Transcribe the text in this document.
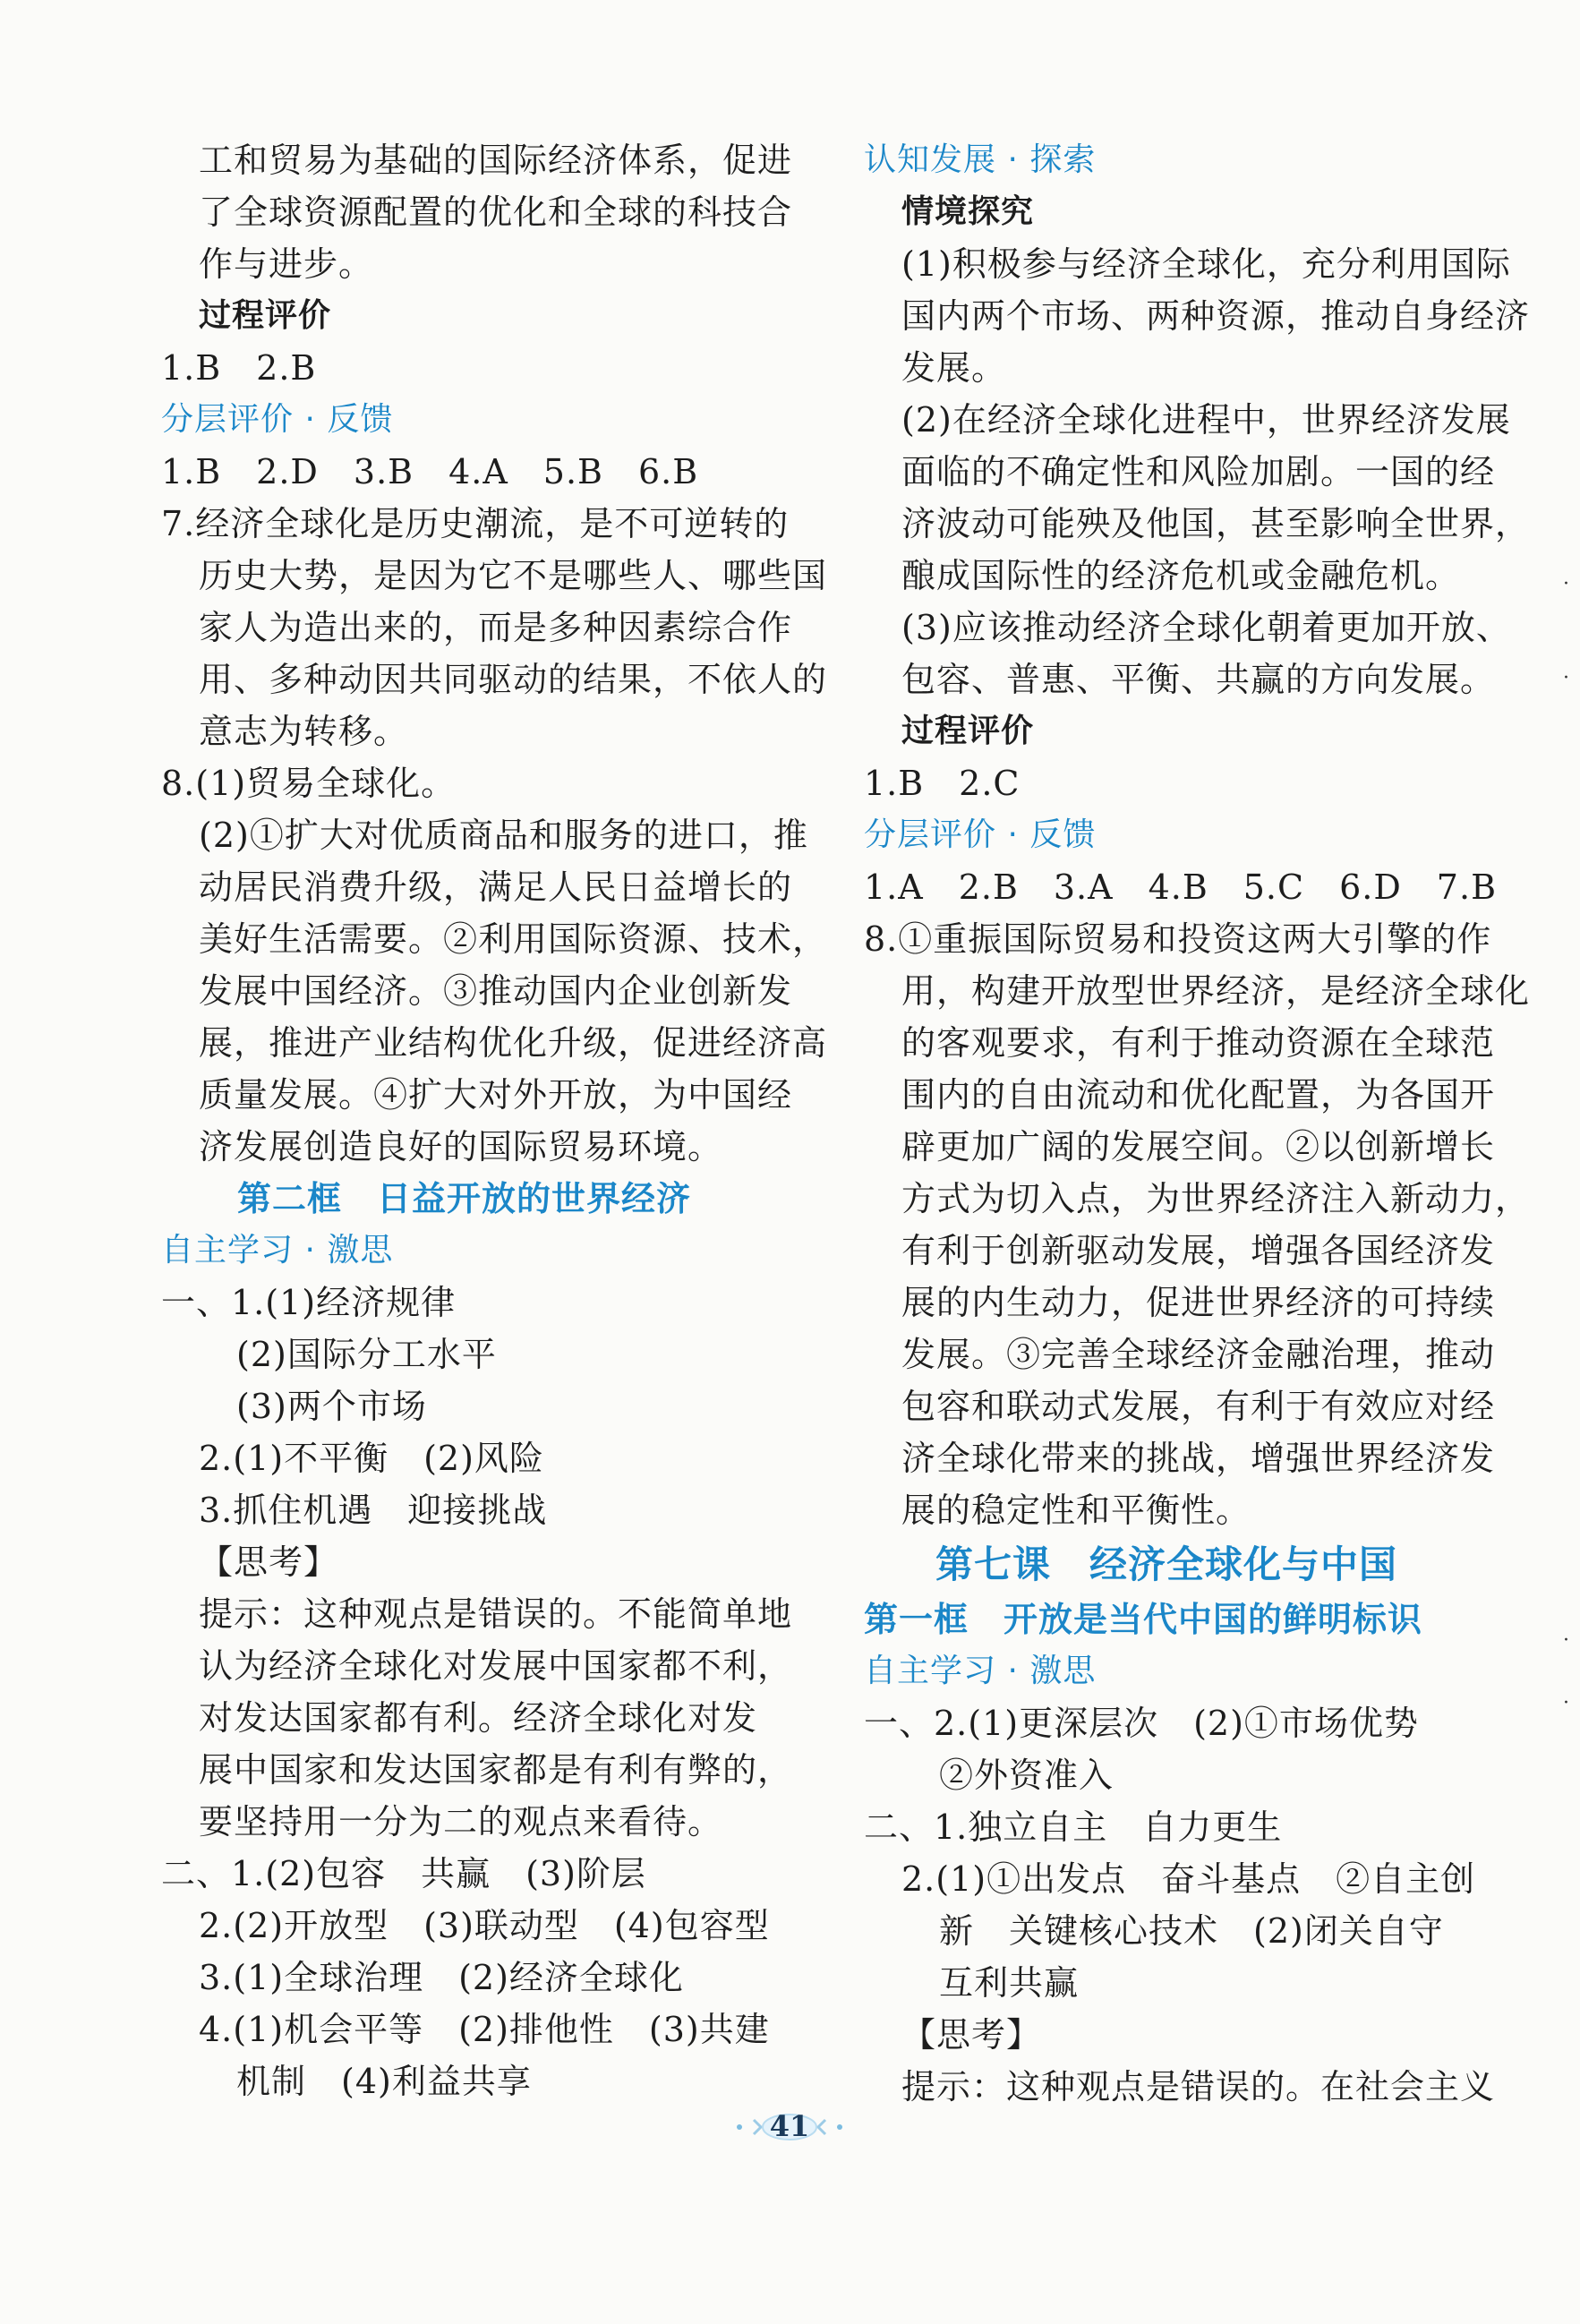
工和贸易为基础的国际经济体系，促进
了全球资源配置的优化和全球的科技合
作与进步。
过程评价
1.B　2.B
分层评价 · 反馈
1.B　2.D　3.B　4.A　5.B　6.B
7.经济全球化是历史潮流，是不可逆转的
历史大势，是因为它不是哪些人、哪些国
家人为造出来的，而是多种因素综合作
用、多种动因共同驱动的结果，不依人的
意志为转移。
8.(1)贸易全球化。
(2)①扩大对优质商品和服务的进口，推
动居民消费升级，满足人民日益增长的
美好生活需要。②利用国际资源、技术，
发展中国经济。③推动国内企业创新发
展，推进产业结构优化升级，促进经济高
质量发展。④扩大对外开放，为中国经
济发展创造良好的国际贸易环境。
第二框　日益开放的世界经济
自主学习 · 激思
一、1.(1)经济规律
(2)国际分工水平
(3)两个市场
2.(1)不平衡　(2)风险
3.抓住机遇　迎接挑战
【思考】
提示：这种观点是错误的。不能简单地
认为经济全球化对发展中国家都不利，
对发达国家都有利。经济全球化对发
展中国家和发达国家都是有利有弊的，
要坚持用一分为二的观点来看待。
二、1.(2)包容　共赢　(3)阶层
2.(2)开放型　(3)联动型　(4)包容型
3.(1)全球治理　(2)经济全球化
4.(1)机会平等　(2)排他性　(3)共建
机制　(4)利益共享
认知发展 · 探索
情境探究
(1)积极参与经济全球化，充分利用国际
国内两个市场、两种资源，推动自身经济
发展。
(2)在经济全球化进程中，世界经济发展
面临的不确定性和风险加剧。一国的经
济波动可能殃及他国，甚至影响全世界，
酿成国际性的经济危机或金融危机。
(3)应该推动经济全球化朝着更加开放、
包容、普惠、平衡、共赢的方向发展。
过程评价
1.B　2.C
分层评价 · 反馈
1.A　2.B　3.A　4.B　5.C　6.D　7.B
8.①重振国际贸易和投资这两大引擎的作
用，构建开放型世界经济，是经济全球化
的客观要求，有利于推动资源在全球范
围内的自由流动和优化配置，为各国开
辟更加广阔的发展空间。②以创新增长
方式为切入点，为世界经济注入新动力，
有利于创新驱动发展，增强各国经济发
展的内生动力，促进世界经济的可持续
发展。③完善全球经济金融治理，推动
包容和联动式发展，有利于有效应对经
济全球化带来的挑战，增强世界经济发
展的稳定性和平衡性。
第七课　经济全球化与中国
第一框　开放是当代中国的鲜明标识
自主学习 · 激思
一、2.(1)更深层次　(2)①市场优势
②外资准入
二、1.独立自主　自力更生
2.(1)①出发点　奋斗基点　②自主创
新　关键核心技术　(2)闭关自守
互利共赢
【思考】
提示：这种观点是错误的。在社会主义
41
·
·
·
·
